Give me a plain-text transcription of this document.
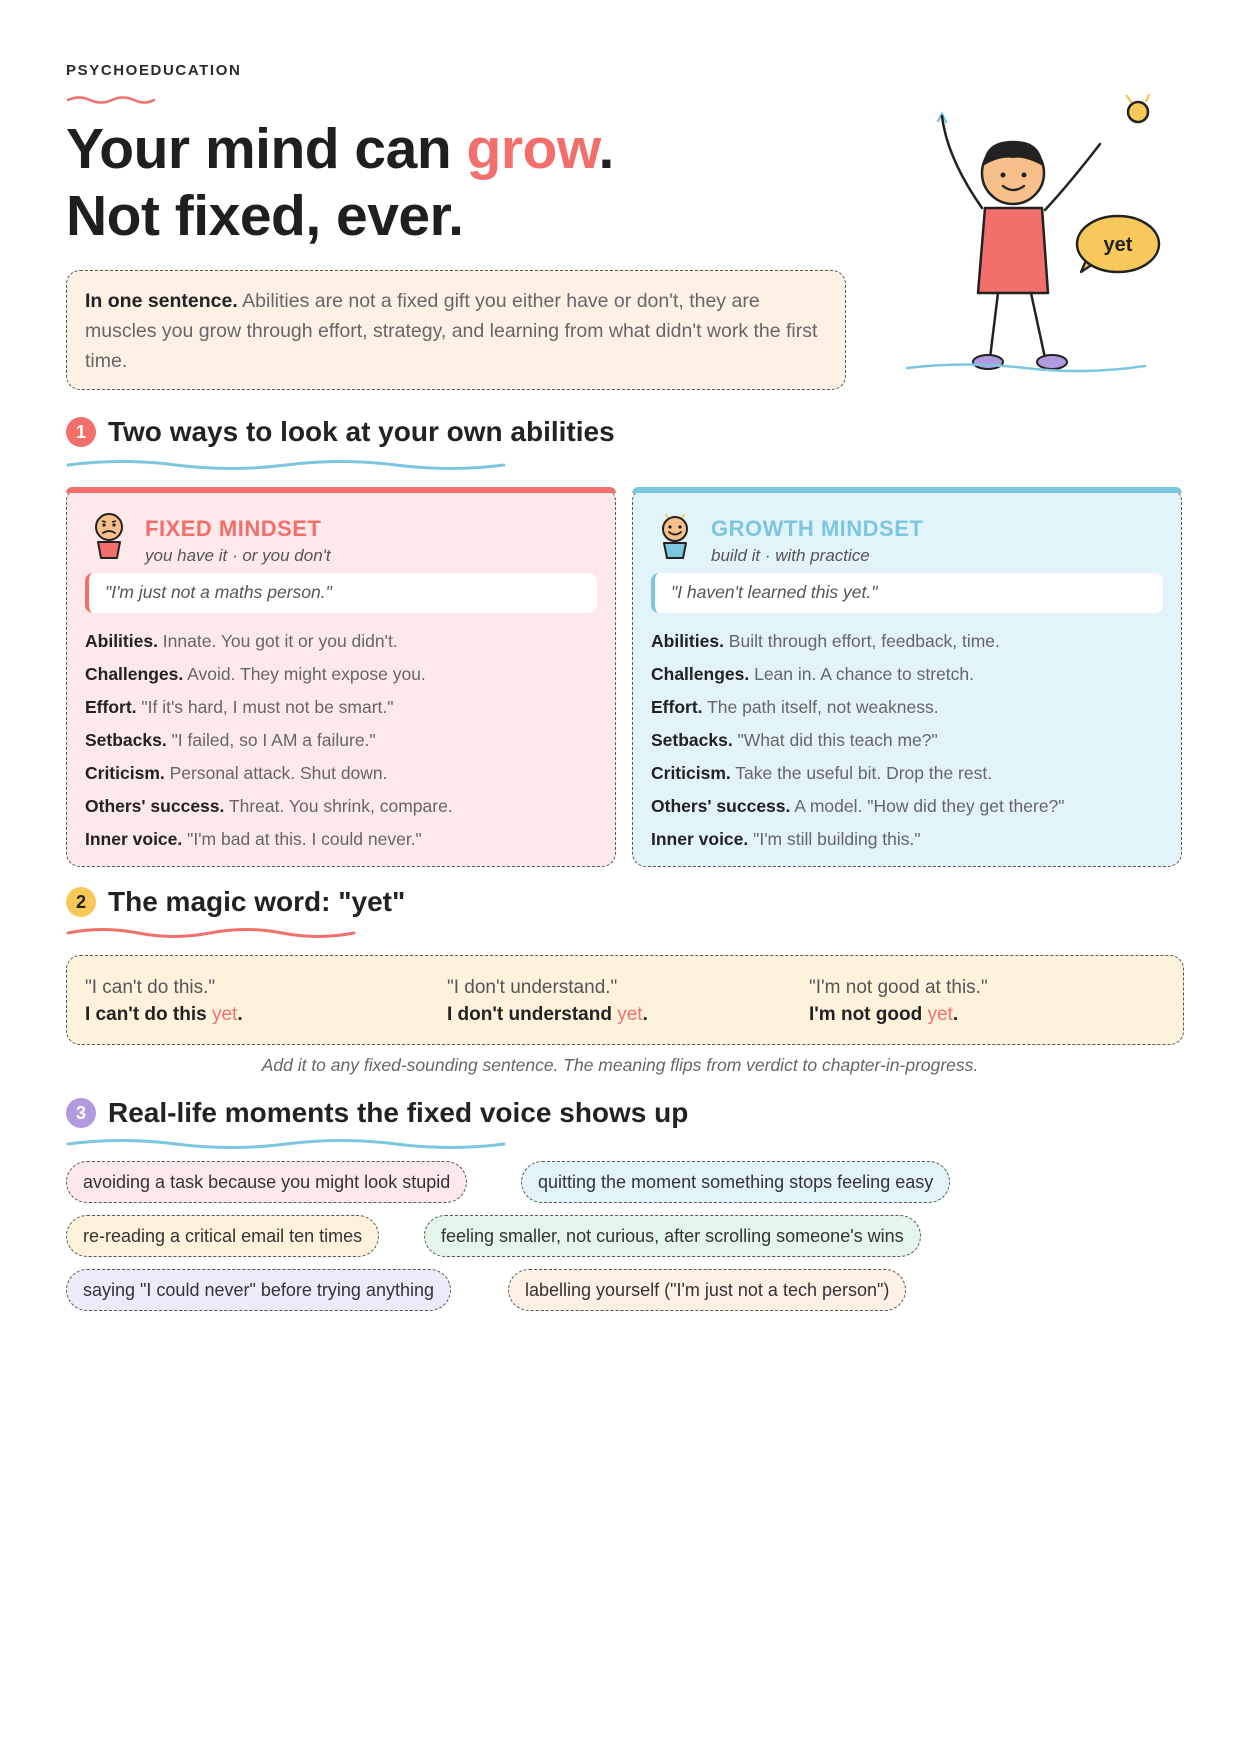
PSYCHOEDUCATION
Your mind can grow.
Not fixed, ever.
In one sentence. Abilities are not a fixed gift you either have or don't, they are muscles you grow through effort, strategy, and learning from what didn't work the first time.
yet
1 Two ways to look at your own abilities
FIXED MINDSET
you have it · or you don't
"I'm just not a maths person."
Abilities. Innate. You got it or you didn't.
Challenges. Avoid. They might expose you.
Effort. "If it's hard, I must not be smart."
Setbacks. "I failed, so I AM a failure."
Criticism. Personal attack. Shut down.
Others' success. Threat. You shrink, compare.
Inner voice. "I'm bad at this. I could never."
GROWTH MINDSET
build it · with practice
"I haven't learned this yet."
Abilities. Built through effort, feedback, time.
Challenges. Lean in. A chance to stretch.
Effort. The path itself, not weakness.
Setbacks. "What did this teach me?"
Criticism. Take the useful bit. Drop the rest.
Others' success. A model. "How did they get there?"
Inner voice. "I'm still building this."
2 The magic word: "yet"
"I can't do this."
I can't do this yet.
"I don't understand."
I don't understand yet.
"I'm not good at this."
I'm not good yet.
Add it to any fixed-sounding sentence. The meaning flips from verdict to chapter-in-progress.
3 Real-life moments the fixed voice shows up
avoiding a task because you might look stupid	quitting the moment something stops feeling easy
re-reading a critical email ten times	feeling smaller, not curious, after scrolling someone's wins
saying "I could never" before trying anything	labelling yourself ("I'm just not a tech person")
